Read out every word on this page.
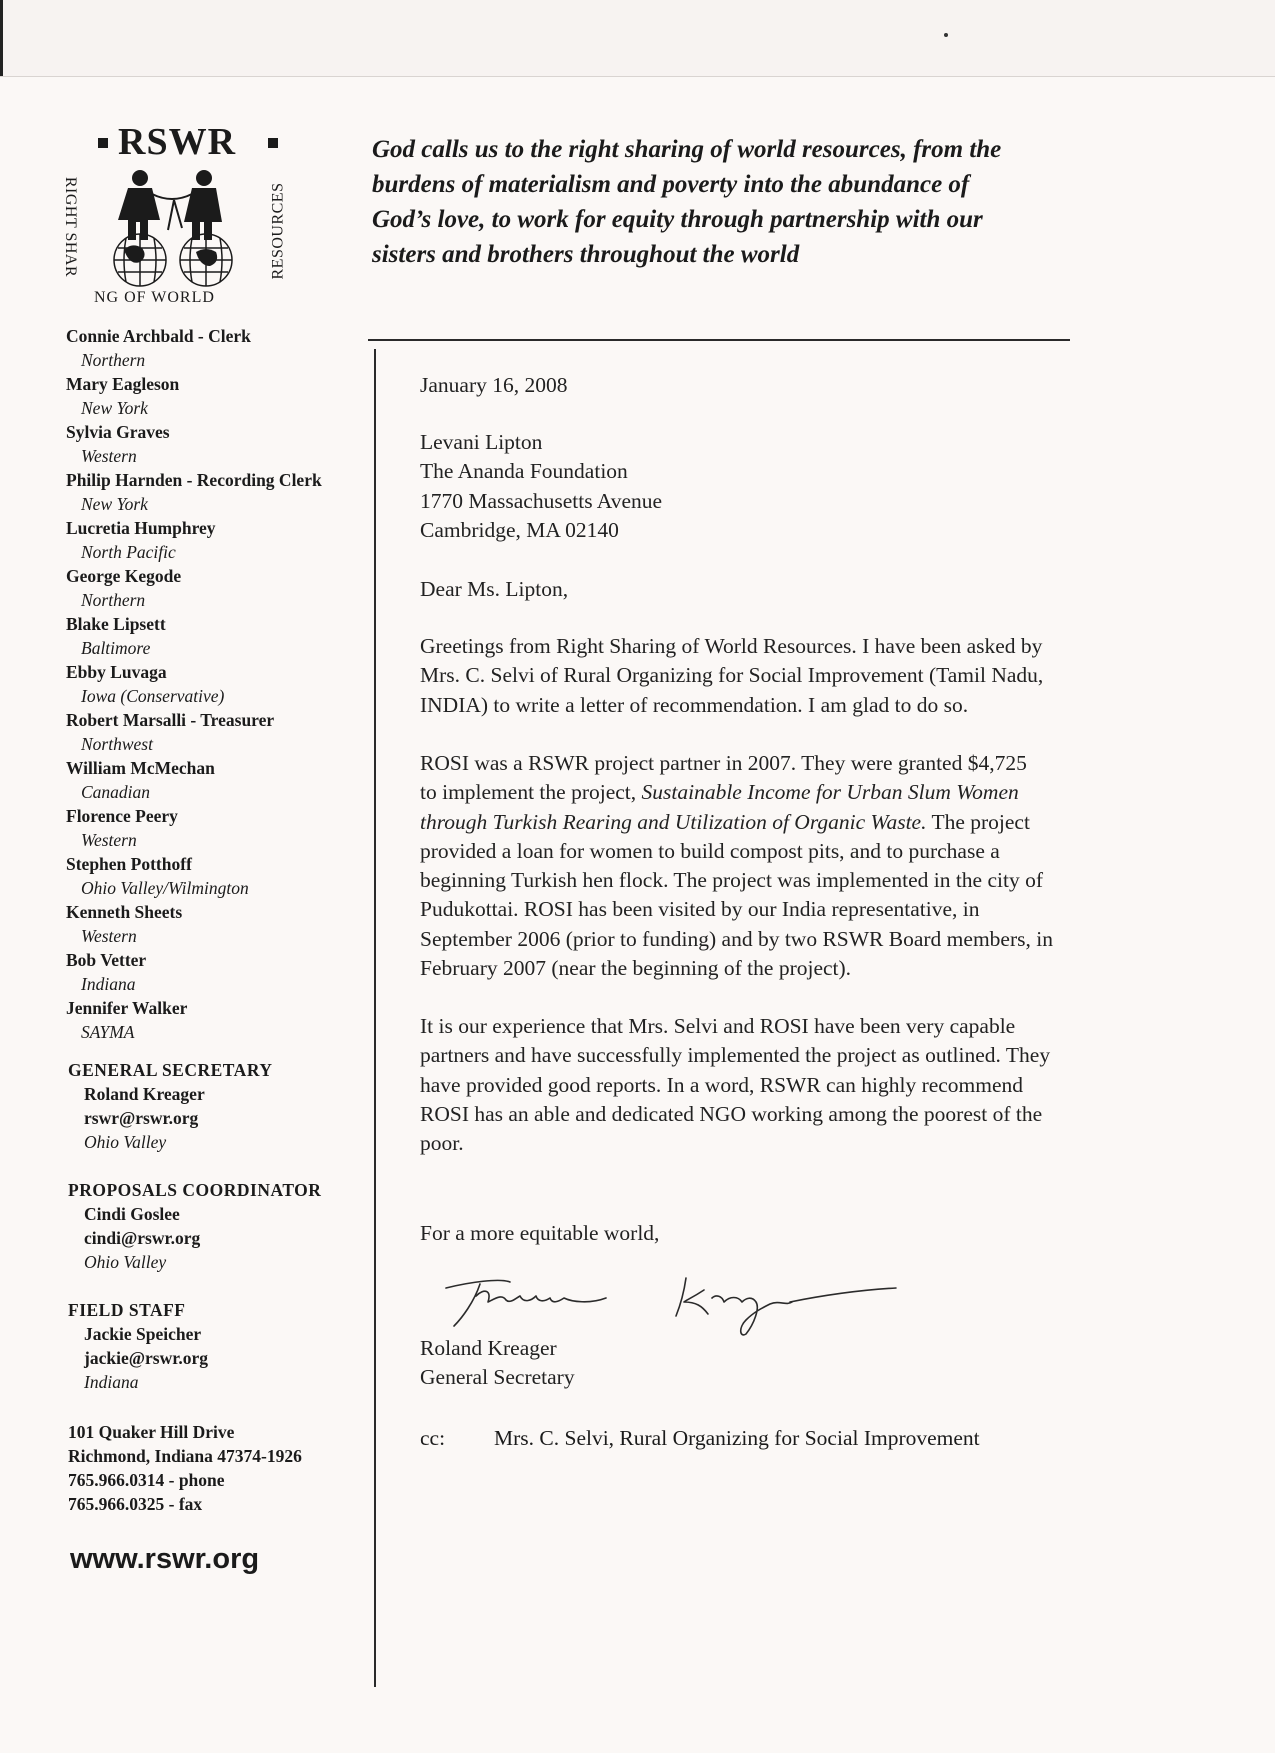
RSWR
RIGHT SHAR	RESOURCES
NG OF WORLD
God calls us to the right sharing of world resources, from the
burdens of materialism and poverty into the abundance of
God’s love, to work for equity through partnership with our
sisters and brothers throughout the world
Connie Archbald - Clerk
Northern
Mary Eagleson
New York
Sylvia Graves
Western
Philip Harnden - Recording Clerk
New York
Lucretia Humphrey
North Pacific
George Kegode
Northern
Blake Lipsett
Baltimore
Ebby Luvaga
Iowa (Conservative)
Robert Marsalli - Treasurer
Northwest
William McMechan
Canadian
Florence Peery
Western
Stephen Potthoff
Ohio Valley/Wilmington
Kenneth Sheets
Western
Bob Vetter
Indiana
Jennifer Walker
SAYMA
GENERAL SECRETARY
Roland Kreager
rswr@rswr.org
Ohio Valley
PROPOSALS COORDINATOR
Cindi Goslee
cindi@rswr.org
Ohio Valley
FIELD STAFF
Jackie Speicher
jackie@rswr.org
Indiana
101 Quaker Hill Drive
Richmond, Indiana 47374-1926
765.966.0314 - phone
765.966.0325 - fax
www.rswr.org
January 16, 2008
Levani Lipton
The Ananda Foundation
1770 Massachusetts Avenue
Cambridge, MA 02140
Dear Ms. Lipton,
Greetings from Right Sharing of World Resources. I have been asked by
Mrs. C. Selvi of Rural Organizing for Social Improvement (Tamil Nadu,
INDIA) to write a letter of recommendation. I am glad to do so.
ROSI was a RSWR project partner in 2007. They were granted $4,725
to implement the project, Sustainable Income for Urban Slum Women
through Turkish Rearing and Utilization of Organic Waste. The project
provided a loan for women to build compost pits, and to purchase a
beginning Turkish hen flock. The project was implemented in the city of
Pudukottai. ROSI has been visited by our India representative, in
September 2006 (prior to funding) and by two RSWR Board members, in
February 2007 (near the beginning of the project).
It is our experience that Mrs. Selvi and ROSI have been very capable
partners and have successfully implemented the project as outlined. They
have provided good reports. In a word, RSWR can highly recommend
ROSI has an able and dedicated NGO working among the poorest of the
poor.
For a more equitable world,
Roland Kreager
General Secretary
cc: Mrs. C. Selvi, Rural Organizing for Social Improvement
